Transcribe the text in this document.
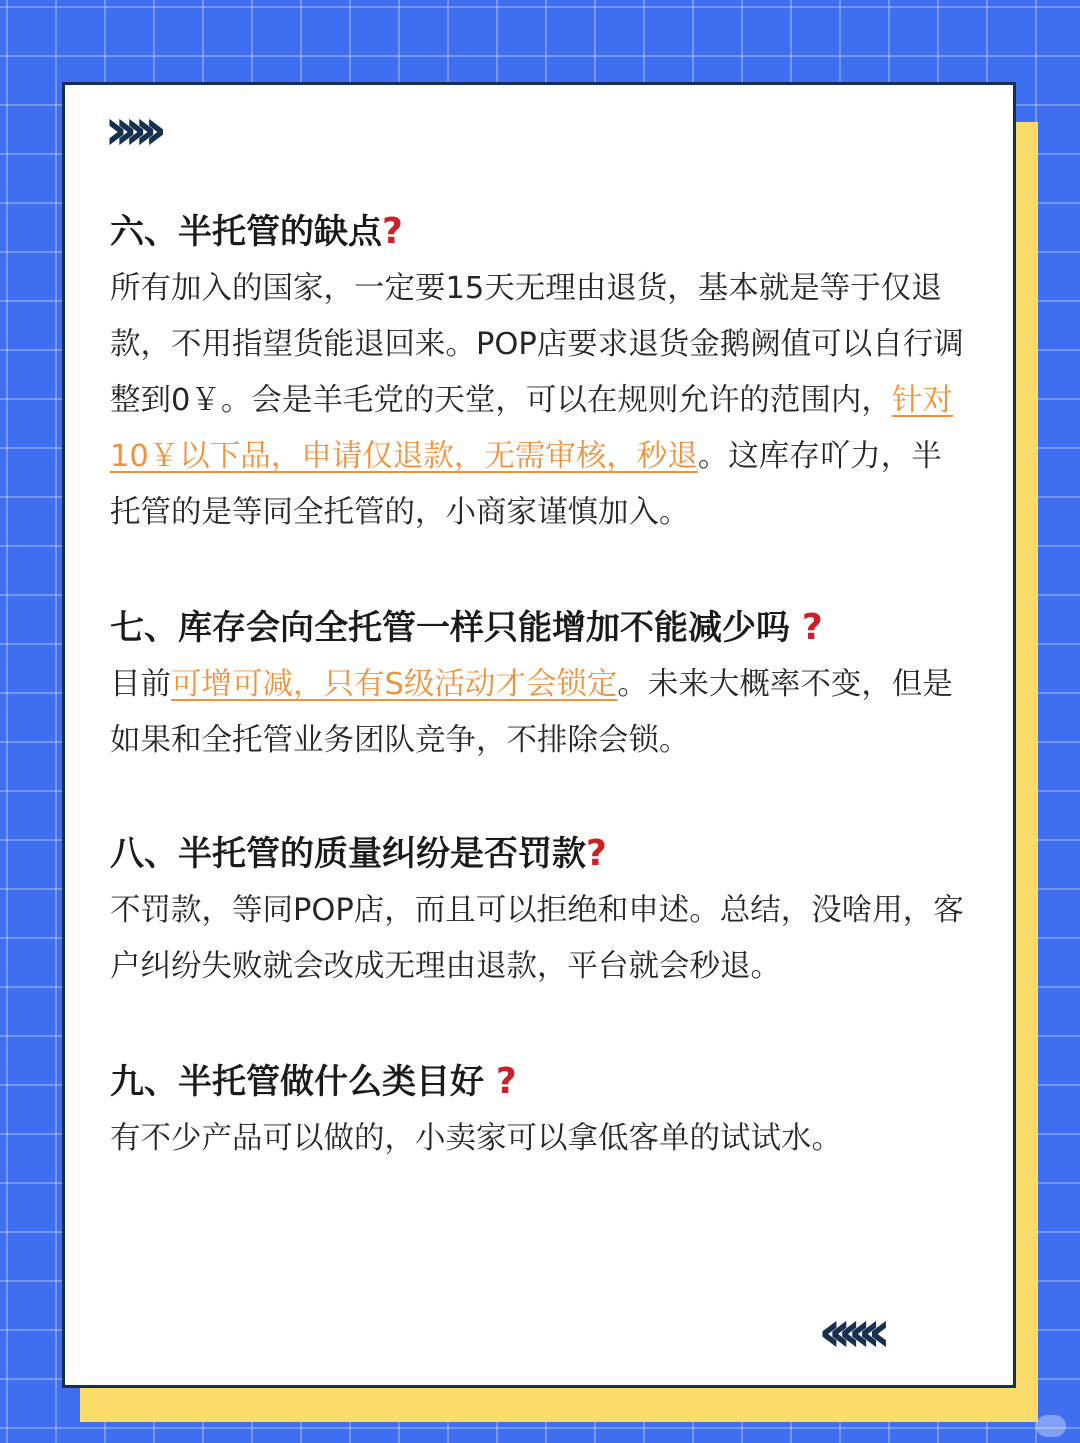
›››››
六、半托管的缺点?

所有加入的国家，一定要15天无理由退货，基本就是等于仅退款，不用指望货能退回来。POP店要求退货金鹅阙值可以自行调整到0￥。会是羊毛党的天堂，可以在规则允许的范围内，针对10￥以下品，申请仅退款，无需审核，秒退。这库存吖力，半托管的是等同全托管的，小商家谨慎加入。

七、库存会向全托管一样只能增加不能减少吗 ?

目前可增可减，只有S级活动才会锁定。未来大概率不变，但是如果和全托管业务团队竞争，不排除会锁。

八、半托管的质量纠纷是否罚款?

不罚款，等同POP店，而且可以拒绝和申述。总结，没啥用，客户纠纷失败就会改成无理由退款，平台就会秒退。

九、半托管做什么类目好 ?

有不少产品可以做的，小卖家可以拿低客单的试试水。

‹‹‹‹‹‹
